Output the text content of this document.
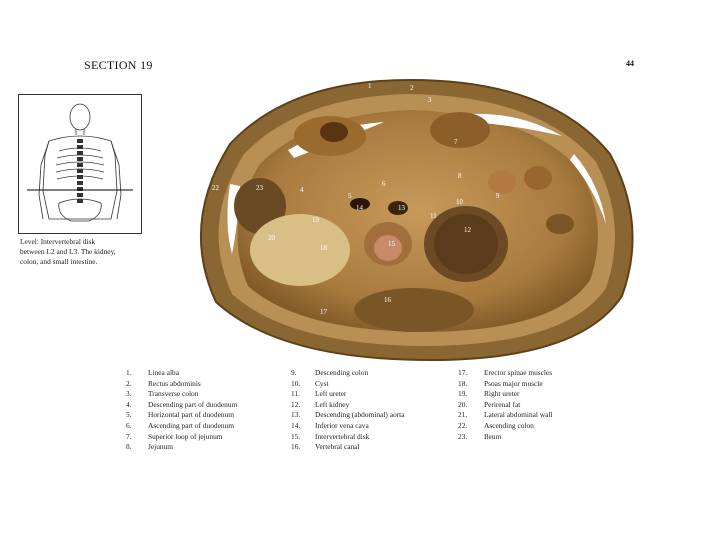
SECTION 19	44
Level: Intervertebral disk
between L2 and L3. The kidney,
colon, and small intestine.
1	2
3
4
5
6
7
8
9
10
11
12
13
14
15
16
17
18
19
20
21	22	23
1.	Linea alba
2.	Rectus abdominis
3.	Transverse colon
4.	Descending part of duodenum
5.	Horizontal part of duodenum
6.	Ascending part of duodenum
7.	Superior loop of jejunum
8.	Jejunum
9.	Descending colon
10.	Cyst
11.	Left ureter
12.	Left kidney
13.	Descending (abdominal) aorta
14.	Inferior vena cava
15.	Intervertebral disk
16.	Vertebral canal
17.	Erector spinae muscles
18.	Psoas major muscle
19.	Right ureter
20.	Perirenal fat
21.	Lateral abdominal wall
22.	Ascending colon
23.	Ileum
